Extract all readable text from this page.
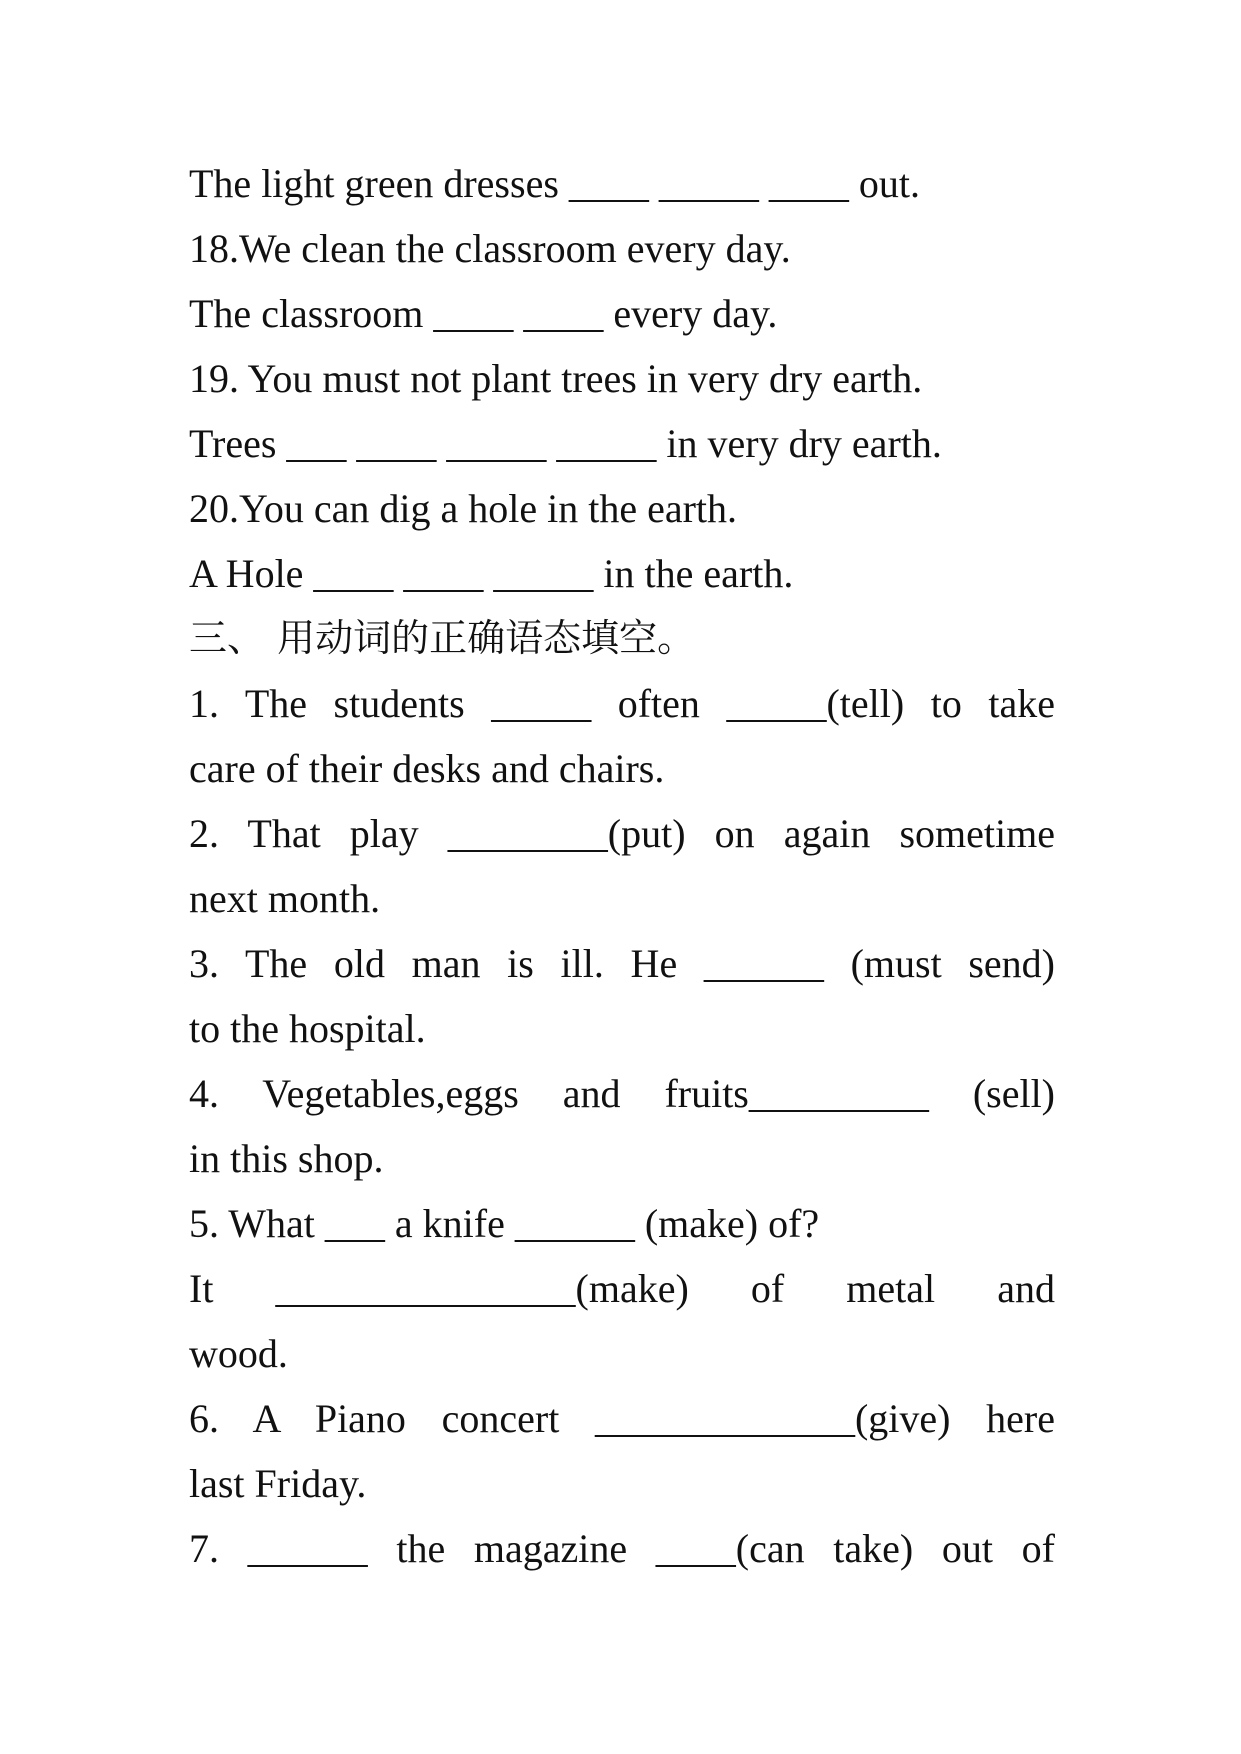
The light green dresses ____ _____ ____ out.
18.We clean the classroom every day.
The classroom ____ ____ every day.
19. You must not plant trees in very dry earth.
Trees ___ ____ _____ _____ in very dry earth.
20.You can dig a hole in the earth.
A Hole ____ ____ _____ in the earth.
三、 用动词的正确语态填空。
1. The students _____ often _____(tell) to take
care of their desks and chairs.
2. That play ________(put) on again sometime
next month.
3. The old man is ill. He ______ (must send)
to the hospital.
4. Vegetables,eggs and fruits_________ (sell)
in this shop.
5. What ___ a knife ______ (make) of?
It _______________(make) of metal and
wood.
6. A Piano concert _____________(give) here
last Friday.
7. ______ the magazine ____(can take) out of
